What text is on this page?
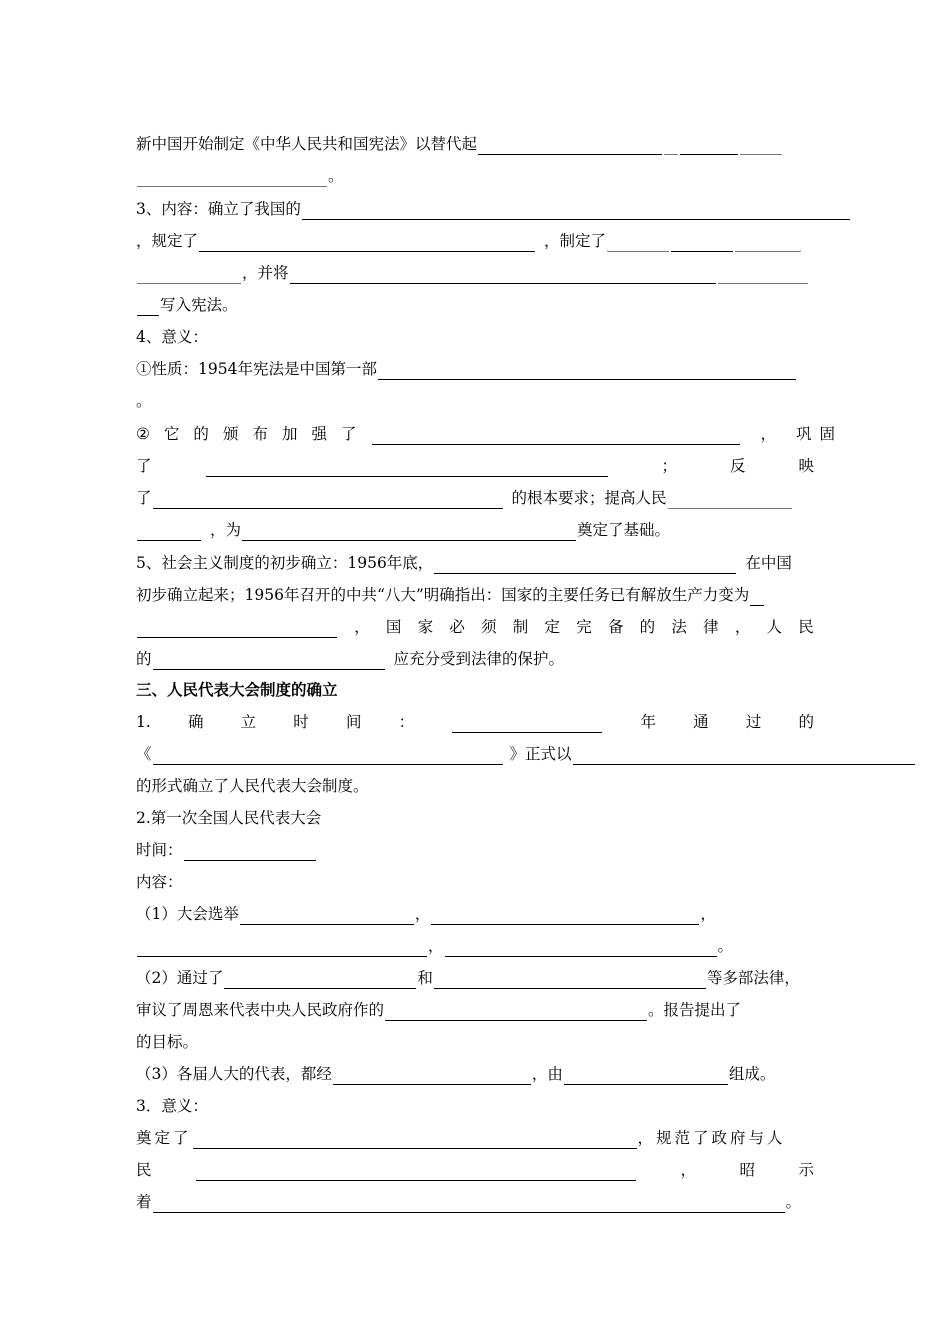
新中国开始制定《中华人民共和国宪法》以替代起
。
3、内容：确立了我国的
，规定了	，制定了
，并将
写入宪法。
4、意义：
①性质：1954年宪法是中国第一部
。
② 它 的 颁 布 加 强 了	， 巩 固
了	；	反	映
了	的根本要求；提高人民
，为	奠定了基础。
5、社会主义制度的初步确立：1956年底，	在中国
初步确立起来；1956年召开的中共“八大”明确指出：国家的主要任务已有解放生产力变为
， 国 家 必 须 制 定 完 备 的 法 律 ， 人 民
的	应充分受到法律的保护。
三、人民代表大会制度的确立
1. 确 立 时 间 ：	年 通 过 的
《	》正式以
的形式确立了人民代表大会制度。
2.第一次全国人民代表大会
时间：
内容：
（1）大会选举	，	，
，	。
（2）通过了	和	等多部法律，
审议了周恩来代表中央人民政府作的	。报告提出了
的目标。
（3）各届人大的代表，都经	，由	组成。
3．意义：
奠定了	，规范了政府与人
民	，	昭	示
着	。
